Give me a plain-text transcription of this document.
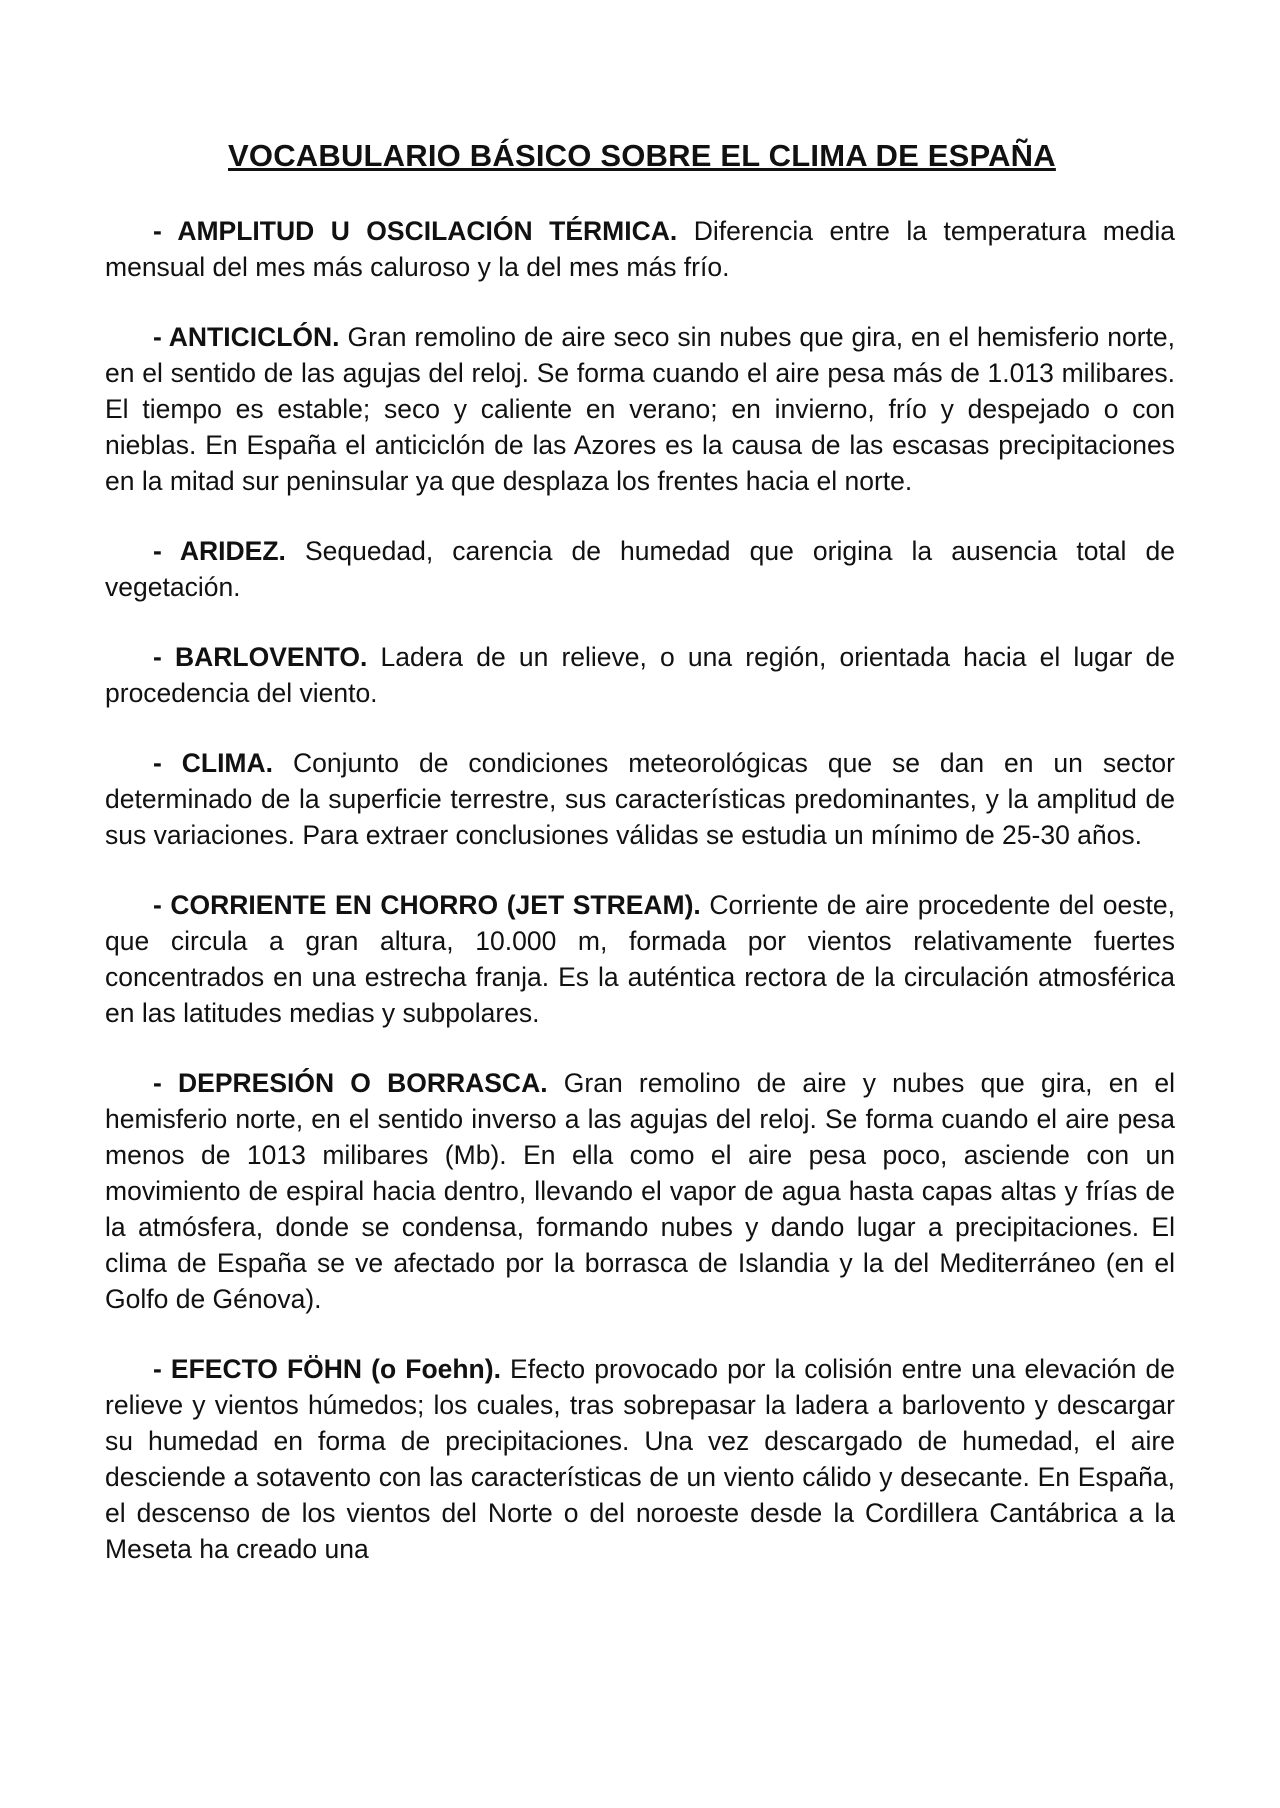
VOCABULARIO BÁSICO SOBRE EL CLIMA DE ESPAÑA

- AMPLITUD U OSCILACIÓN TÉRMICA. Diferencia entre la temperatura media mensual del mes más caluroso y la del mes más frío.

- ANTICICLÓN. Gran remolino de aire seco sin nubes que gira, en el hemisferio norte, en el sentido de las agujas del reloj. Se forma cuando el aire pesa más de 1.013 milibares. El tiempo es estable; seco y caliente en verano; en invierno, frío y despejado o con nieblas. En España el anticiclón de las Azores es la causa de las escasas precipitaciones en la mitad sur peninsular ya que desplaza los frentes hacia el norte.

- ARIDEZ. Sequedad, carencia de humedad que origina la ausencia total de vegetación.

- BARLOVENTO. Ladera de un relieve, o una región, orientada hacia el lugar de procedencia del viento.

- CLIMA. Conjunto de condiciones meteorológicas que se dan en un sector determinado de la superficie terrestre, sus características predominantes, y la amplitud de sus variaciones. Para extraer conclusiones válidas se estudia un mínimo de 25-30 años.

- CORRIENTE EN CHORRO (JET STREAM). Corriente de aire procedente del oeste, que circula a gran altura, 10.000 m, formada por vientos relativamente fuertes concentrados en una estrecha franja. Es la auténtica rectora de la circulación atmosférica en las latitudes medias y subpolares.

- DEPRESIÓN O BORRASCA. Gran remolino de aire y nubes que gira, en el hemisferio norte, en el sentido inverso a las agujas del reloj. Se forma cuando el aire pesa menos de 1013 milibares (Mb). En ella como el aire pesa poco, asciende con un movimiento de espiral hacia dentro, llevando el vapor de agua hasta capas altas y frías de la atmósfera, donde se condensa, formando nubes y dando lugar a precipitaciones. El clima de España se ve afectado por la borrasca de Islandia y la del Mediterráneo (en el Golfo de Génova).

- EFECTO FÖHN (o Foehn). Efecto provocado por la colisión entre una elevación de relieve y vientos húmedos; los cuales, tras sobrepasar la ladera a barlovento y descargar su humedad en forma de precipitaciones. Una vez descargado de humedad, el aire desciende a sotavento con las características de un viento cálido y desecante. En España, el descenso de los vientos del Norte o del noroeste desde la Cordillera Cantábrica a la Meseta ha creado una
